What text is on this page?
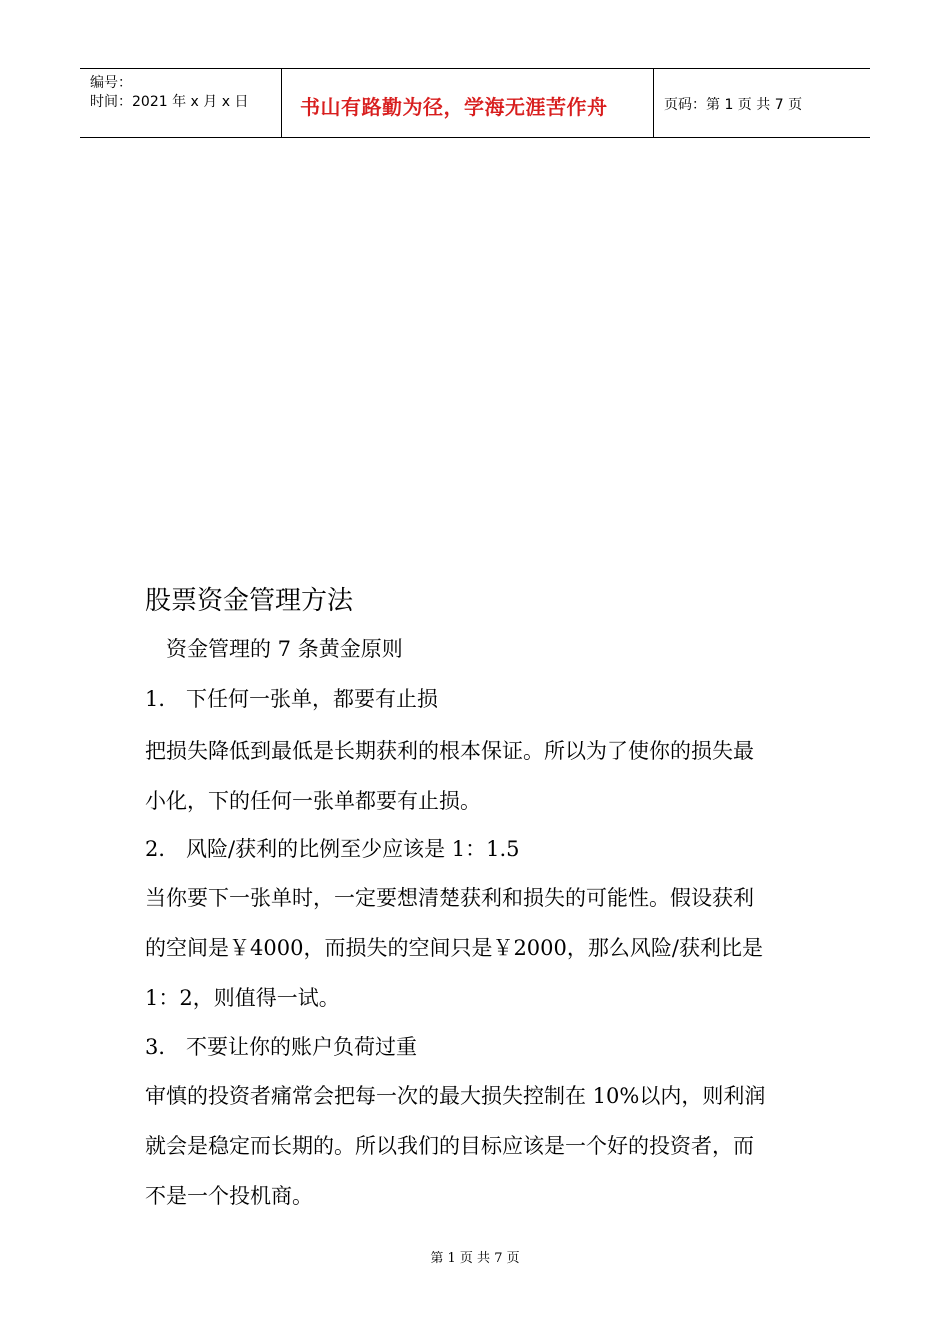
编号：
时间：2021 年 x 月 x 日	书山有路勤为径，学海无涯苦作舟	页码：第 1 页 共 7 页
股票资金管理方法
资金管理的 7 条黄金原则
1． 下任何一张单，都要有止损
把损失降低到最低是长期获利的根本保证。所以为了使你的损失最
小化，下的任何一张单都要有止损。
2． 风险/获利的比例至少应该是 1：1.5
当你要下一张单时，一定要想清楚获利和损失的可能性。假设获利
的空间是￥4000，而损失的空间只是￥2000，那么风险/获利比是
1：2，则值得一试。
3． 不要让你的账户负荷过重
审慎的投资者痛常会把每一次的最大损失控制在 10%以内，则利润
就会是稳定而长期的。所以我们的目标应该是一个好的投资者，而
不是一个投机商。
第 1 页 共 7 页
